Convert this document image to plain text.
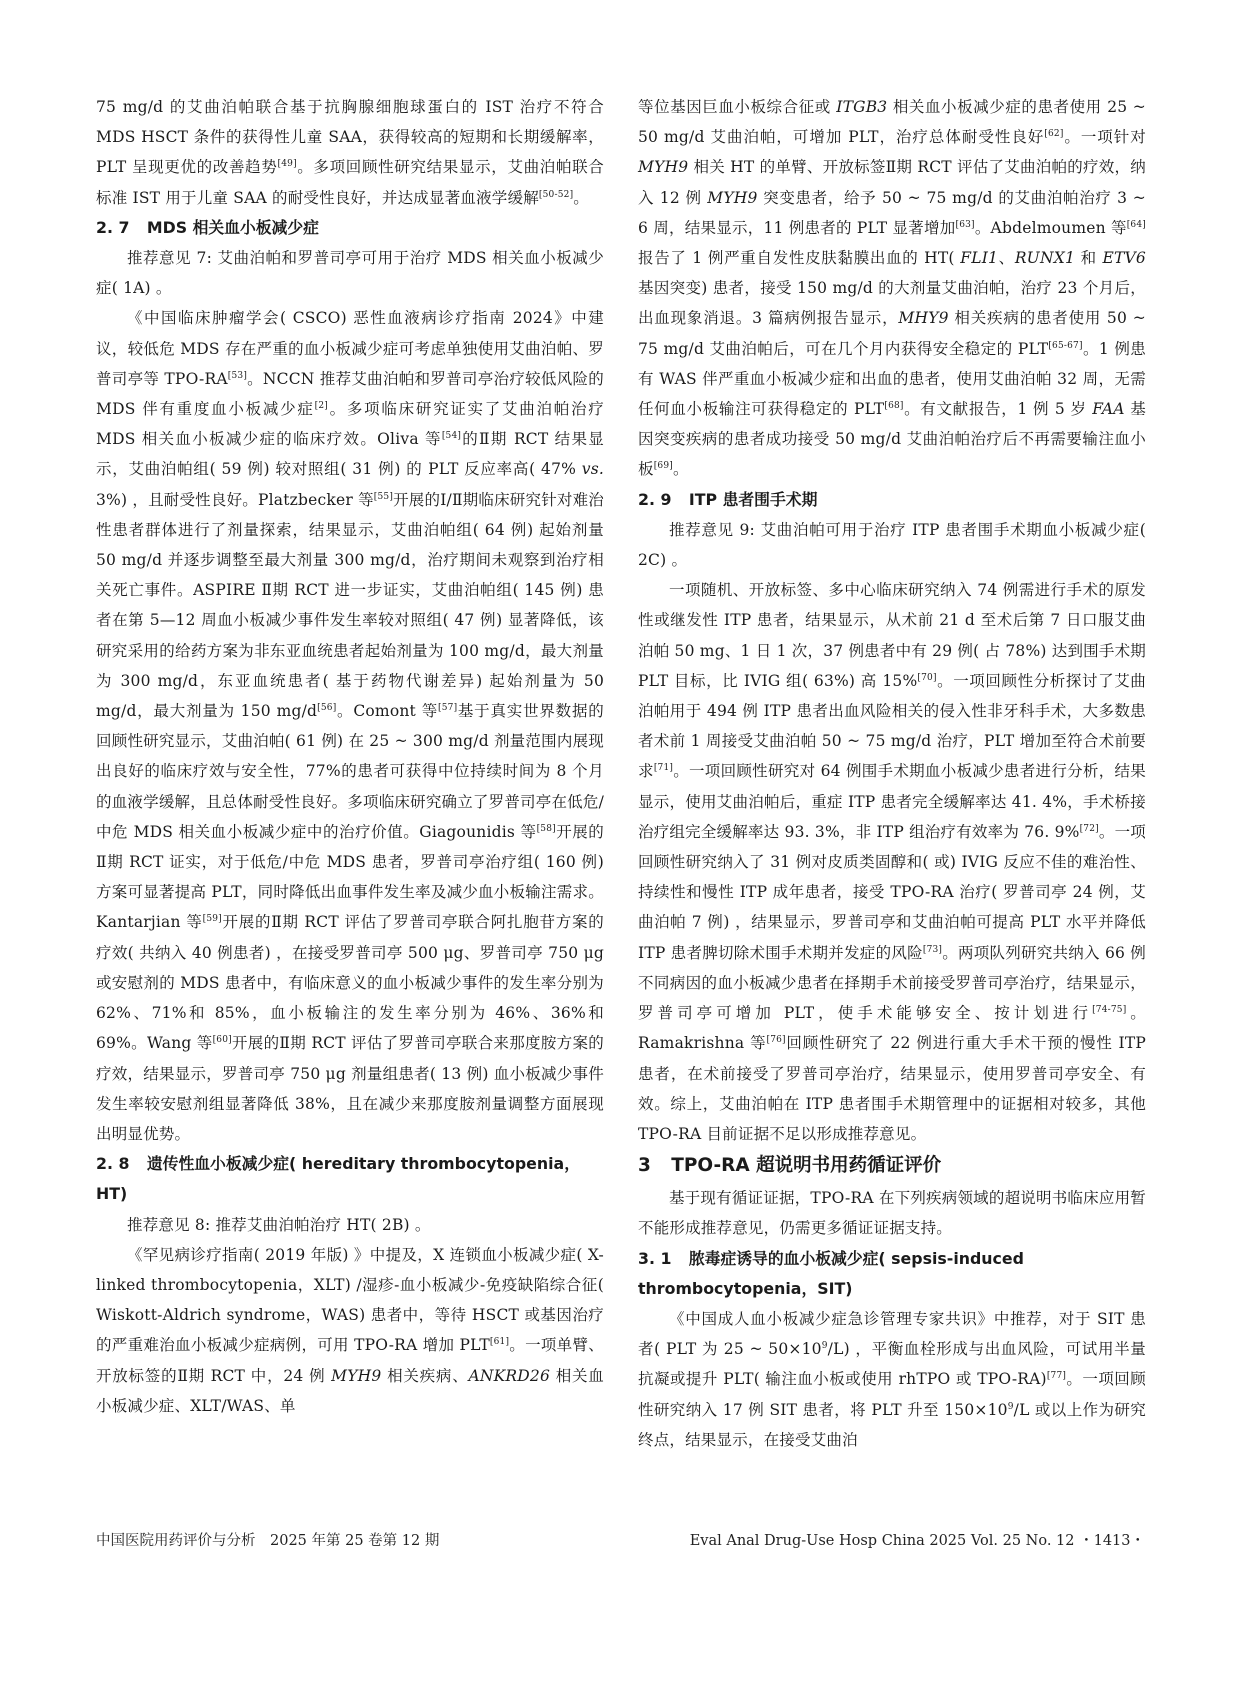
75 mg/d 的艾曲泊帕联合基于抗胸腺细胞球蛋白的 IST 治疗不符合 MDS HSCT 条件的获得性儿童 SAA，获得较高的短期和长期缓解率，PLT 呈现更优的改善趋势[49]。多项回顾性研究结果显示，艾曲泊帕联合标准 IST 用于儿童 SAA 的耐受性良好，并达成显著血液学缓解[50-52]。

2. 7 MDS 相关血小板减少症

推荐意见 7: 艾曲泊帕和罗普司亭可用于治疗 MDS 相关血小板减少症( 1A) 。

《中国临床肿瘤学会( CSCO) 恶性血液病诊疗指南 2024》中建议，较低危 MDS 存在严重的血小板减少症可考虑单独使用艾曲泊帕、罗普司亭等 TPO-RA[53]。NCCN 推荐艾曲泊帕和罗普司亭治疗较低风险的 MDS 伴有重度血小板减少症[2]。多项临床研究证实了艾曲泊帕治疗 MDS 相关血小板减少症的临床疗效。Oliva 等[54]的Ⅱ期 RCT 结果显示，艾曲泊帕组( 59 例) 较对照组( 31 例) 的 PLT 反应率高( 47% vs. 3%) ，且耐受性良好。Platzbecker 等[55]开展的Ⅰ/Ⅱ期临床研究针对难治性患者群体进行了剂量探索，结果显示，艾曲泊帕组( 64 例) 起始剂量 50 mg/d 并逐步调整至最大剂量 300 mg/d，治疗期间未观察到治疗相关死亡事件。ASPIRE Ⅱ期 RCT 进一步证实，艾曲泊帕组( 145 例) 患者在第 5—12 周血小板减少事件发生率较对照组( 47 例) 显著降低，该研究采用的给药方案为非东亚血统患者起始剂量为 100 mg/d，最大剂量为 300 mg/d，东亚血统患者( 基于药物代谢差异) 起始剂量为 50 mg/d，最大剂量为 150 mg/d[56]。Comont 等[57]基于真实世界数据的回顾性研究显示，艾曲泊帕( 61 例) 在 25 ~ 300 mg/d 剂量范围内展现出良好的临床疗效与安全性，77%的患者可获得中位持续时间为 8 个月的血液学缓解，且总体耐受性良好。多项临床研究确立了罗普司亭在低危/中危 MDS 相关血小板减少症中的治疗价值。Giagounidis 等[58]开展的Ⅱ期 RCT 证实，对于低危/中危 MDS 患者，罗普司亭治疗组( 160 例) 方案可显著提高 PLT，同时降低出血事件发生率及减少血小板输注需求。Kantarjian 等[59]开展的Ⅱ期 RCT 评估了罗普司亭联合阿扎胞苷方案的疗效( 共纳入 40 例患者) ，在接受罗普司亭 500 μg、罗普司亭 750 μg 或安慰剂的 MDS 患者中，有临床意义的血小板减少事件的发生率分别为 62%、71%和 85%，血小板输注的发生率分别为 46%、36%和 69%。Wang 等[60]开展的Ⅱ期 RCT 评估了罗普司亭联合来那度胺方案的疗效，结果显示，罗普司亭 750 μg 剂量组患者( 13 例) 血小板减少事件发生率较安慰剂组显著降低 38%，且在减少来那度胺剂量调整方面展现出明显优势。

2. 8 遗传性血小板减少症( hereditary thrombocytopenia，HT)

推荐意见 8: 推荐艾曲泊帕治疗 HT( 2B) 。

《罕见病诊疗指南( 2019 年版) 》中提及，X 连锁血小板减少症( X-linked thrombocytopenia，XLT) /湿疹-血小板减少-免疫缺陷综合征( Wiskott-Aldrich syndrome，WAS) 患者中，等待 HSCT 或基因治疗的严重难治血小板减少症病例，可用 TPO-RA 增加 PLT[61]。一项单臂、开放标签的Ⅱ期 RCT 中，24 例 MYH9 相关疾病、ANKRD26 相关血小板减少症、XLT/WAS、单

等位基因巨血小板综合征或 ITGB3 相关血小板减少症的患者使用 25 ~ 50 mg/d 艾曲泊帕，可增加 PLT，治疗总体耐受性良好[62]。一项针对 MYH9 相关 HT 的单臂、开放标签Ⅱ期 RCT 评估了艾曲泊帕的疗效，纳入 12 例 MYH9 突变患者，给予 50 ~ 75 mg/d 的艾曲泊帕治疗 3 ~ 6 周，结果显示，11 例患者的 PLT 显著增加[63]。Abdelmoumen 等[64]报告了 1 例严重自发性皮肤黏膜出血的 HT( FLI1、RUNX1 和 ETV6 基因突变) 患者，接受 150 mg/d 的大剂量艾曲泊帕，治疗 23 个月后，出血现象消退。3 篇病例报告显示，MHY9 相关疾病的患者使用 50 ~ 75 mg/d 艾曲泊帕后，可在几个月内获得安全稳定的 PLT[65-67]。1 例患有 WAS 伴严重血小板减少症和出血的患者，使用艾曲泊帕 32 周，无需任何血小板输注可获得稳定的 PLT[68]。有文献报告，1 例 5 岁 FAA 基因突变疾病的患者成功接受 50 mg/d 艾曲泊帕治疗后不再需要输注血小板[69]。

2. 9 ITP 患者围手术期

推荐意见 9: 艾曲泊帕可用于治疗 ITP 患者围手术期血小板减少症( 2C) 。

一项随机、开放标签、多中心临床研究纳入 74 例需进行手术的原发性或继发性 ITP 患者，结果显示，从术前 21 d 至术后第 7 日口服艾曲泊帕 50 mg、1 日 1 次，37 例患者中有 29 例( 占 78%) 达到围手术期 PLT 目标，比 IVIG 组( 63%) 高 15%[70]。一项回顾性分析探讨了艾曲泊帕用于 494 例 ITP 患者出血风险相关的侵入性非牙科手术，大多数患者术前 1 周接受艾曲泊帕 50 ~ 75 mg/d 治疗，PLT 增加至符合术前要求[71]。一项回顾性研究对 64 例围手术期血小板减少患者进行分析，结果显示，使用艾曲泊帕后，重症 ITP 患者完全缓解率达 41. 4%，手术桥接治疗组完全缓解率达 93. 3%，非 ITP 组治疗有效率为 76. 9%[72]。一项回顾性研究纳入了 31 例对皮质类固醇和( 或) IVIG 反应不佳的难治性、持续性和慢性 ITP 成年患者，接受 TPO-RA 治疗( 罗普司亭 24 例，艾曲泊帕 7 例) ，结果显示，罗普司亭和艾曲泊帕可提高 PLT 水平并降低 ITP 患者脾切除术围手术期并发症的风险[73]。两项队列研究共纳入 66 例不同病因的血小板减少患者在择期手术前接受罗普司亭治疗，结果显示，罗普司亭可增加 PLT，使手术能够安全、按计划进行[74-75]。Ramakrishna 等[76]回顾性研究了 22 例进行重大手术干预的慢性 ITP 患者，在术前接受了罗普司亭治疗，结果显示，使用罗普司亭安全、有效。综上，艾曲泊帕在 ITP 患者围手术期管理中的证据相对较多，其他 TPO-RA 目前证据不足以形成推荐意见。

3 TPO-RA 超说明书用药循证评价

基于现有循证证据，TPO-RA 在下列疾病领域的超说明书临床应用暂不能形成推荐意见，仍需更多循证证据支持。

3. 1 脓毒症诱导的血小板减少症( sepsis-induced thrombocytopenia，SIT)

《中国成人血小板减少症急诊管理专家共识》中推荐，对于 SIT 患者( PLT 为 25 ~ $50\times 10^9/L$) ，平衡血栓形成与出血风险，可试用半量抗凝或提升 PLT( 输注血小板或使用 rhTPO 或 TPO-RA)[77]。一项回顾性研究纳入 17 例 SIT 患者，将 PLT 升至 $150\times 10^9/L$ 或以上作为研究终点，结果显示，在接受艾曲泊

中国医院用药评价与分析　2025 年第 25 卷第 12 期	Eval Anal Drug-Use Hosp China 2025 Vol. 25 No. 12 ・1413・
